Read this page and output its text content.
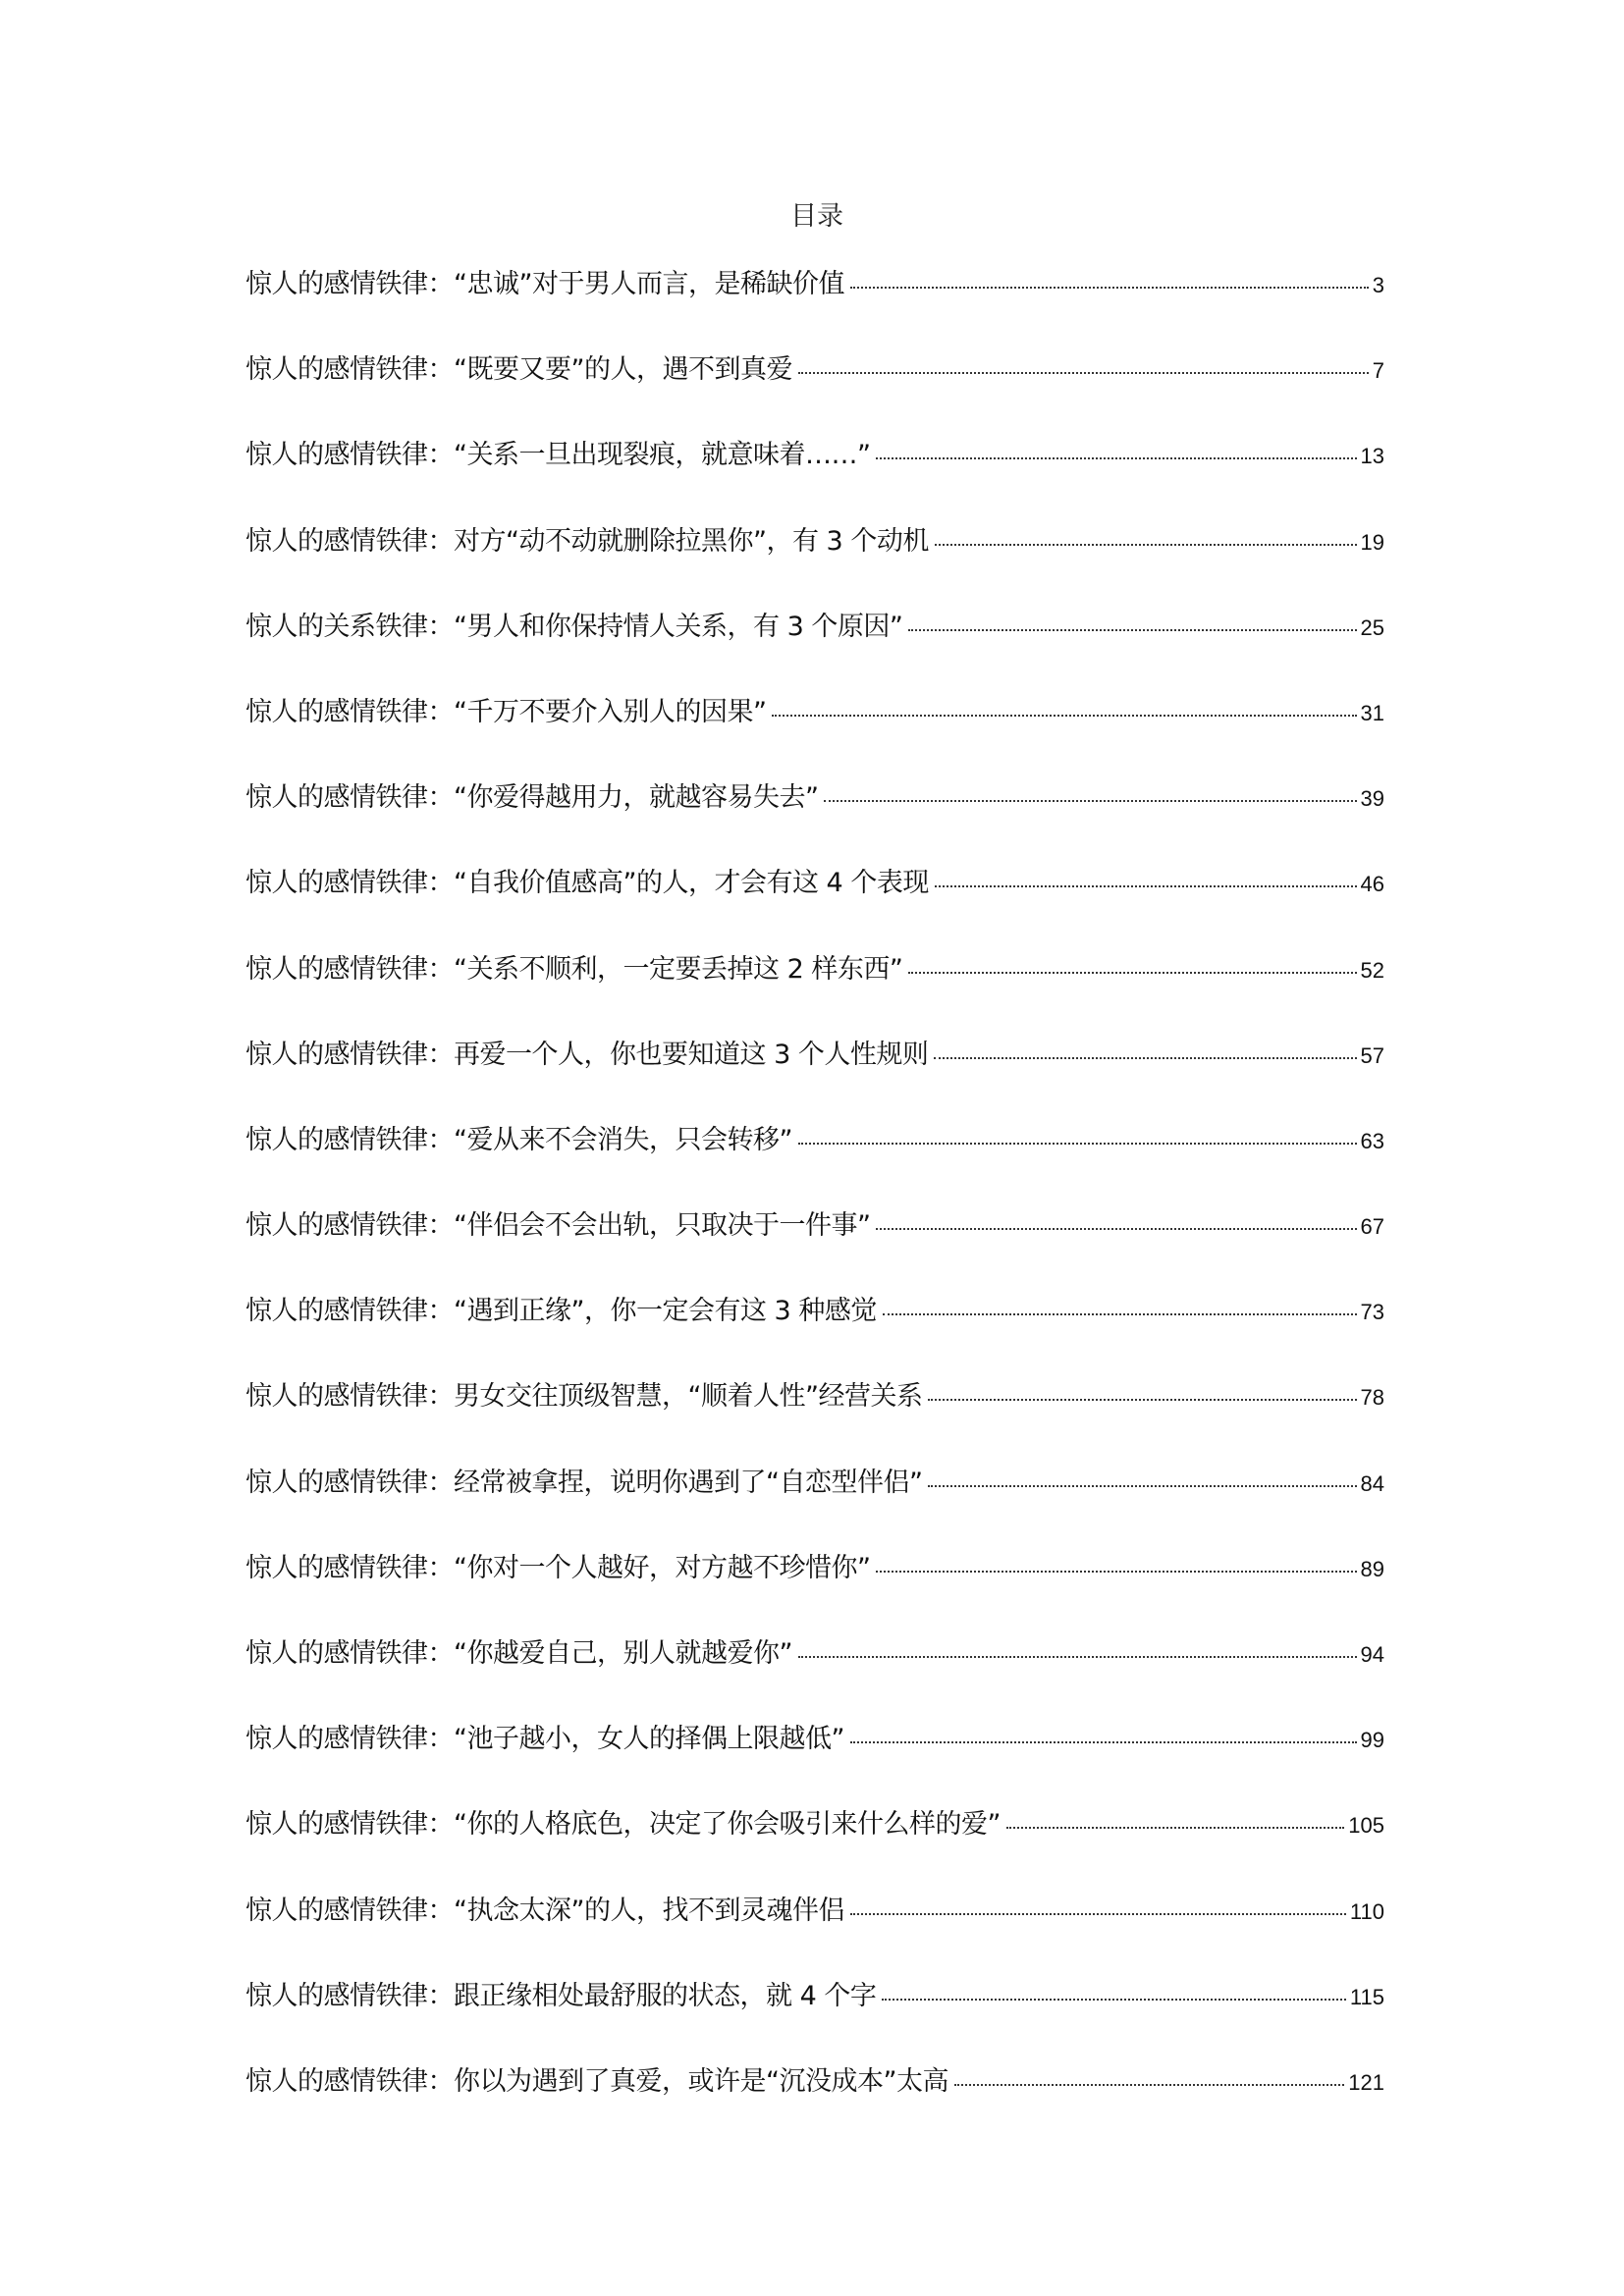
目录
惊人的感情铁律：“忠诚”对于男人而言，是稀缺价值	3
惊人的感情铁律：“既要又要”的人，遇不到真爱	7
惊人的感情铁律：“关系一旦出现裂痕，就意味着……”	13
惊人的感情铁律：对方“动不动就删除拉黑你”，有 3 个动机	19
惊人的关系铁律：“男人和你保持情人关系，有 3 个原因”	25
惊人的感情铁律：“千万不要介入别人的因果”	31
惊人的感情铁律：“你爱得越用力，就越容易失去”	39
惊人的感情铁律：“自我价值感高”的人，才会有这 4 个表现	46
惊人的感情铁律：“关系不顺利，一定要丢掉这 2 样东西”	52
惊人的感情铁律：再爱一个人，你也要知道这 3 个人性规则	57
惊人的感情铁律：“爱从来不会消失，只会转移”	63
惊人的感情铁律：“伴侣会不会出轨，只取决于一件事”	67
惊人的感情铁律：“遇到正缘”，你一定会有这 3 种感觉	73
惊人的感情铁律：男女交往顶级智慧，“顺着人性”经营关系	78
惊人的感情铁律：经常被拿捏，说明你遇到了“自恋型伴侣”	84
惊人的感情铁律：“你对一个人越好，对方越不珍惜你”	89
惊人的感情铁律：“你越爱自己，别人就越爱你”	94
惊人的感情铁律：“池子越小，女人的择偶上限越低”	99
惊人的感情铁律：“你的人格底色，决定了你会吸引来什么样的爱”	105
惊人的感情铁律：“执念太深”的人，找不到灵魂伴侣	110
惊人的感情铁律：跟正缘相处最舒服的状态，就 4 个字	115
惊人的感情铁律：你以为遇到了真爱，或许是“沉没成本”太高	121
